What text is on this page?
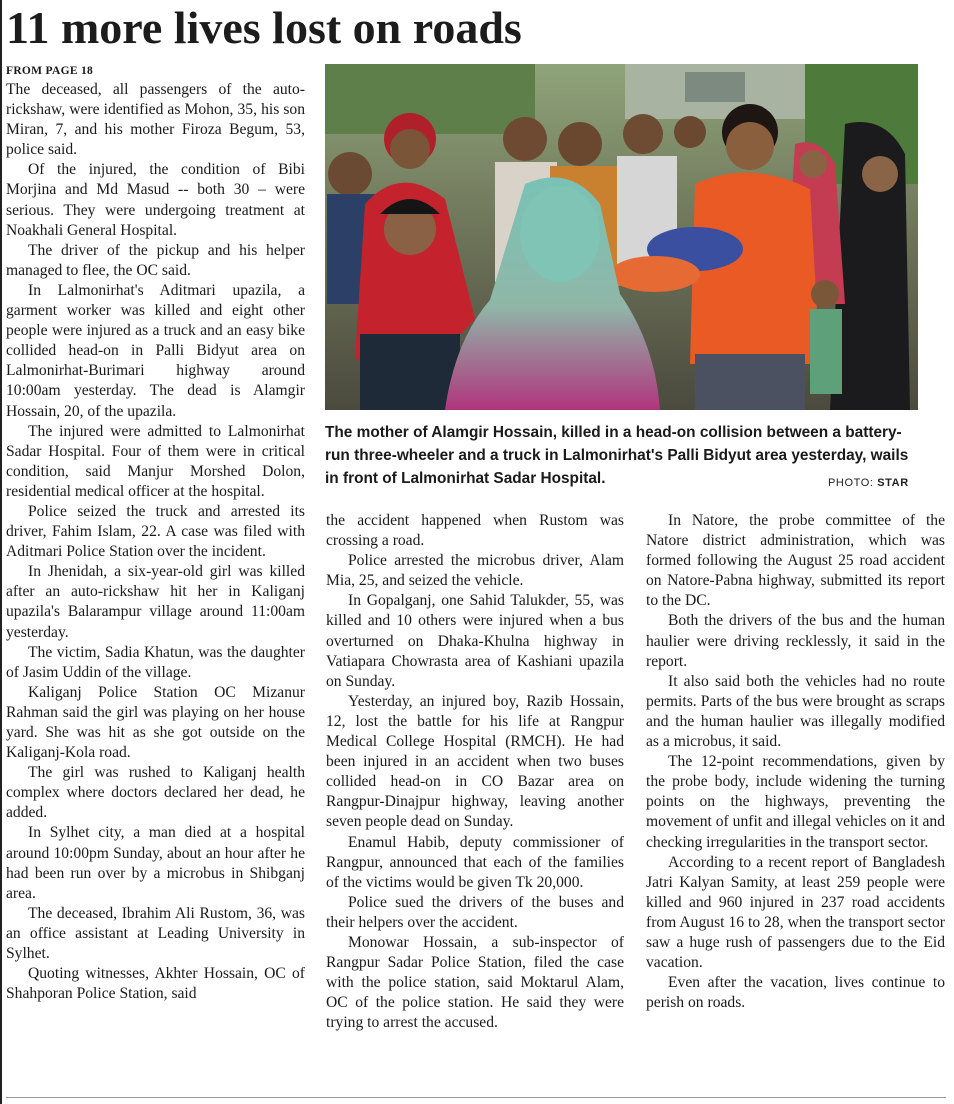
11 more lives lost on roads
FROM PAGE 18

The deceased, all passengers of the auto-rickshaw, were identified as Mohon, 35, his son Miran, 7, and his mother Firoza Begum, 53, police said.

Of the injured, the condition of Bibi Morjina and Md Masud -- both 30 – were serious. They were undergoing treatment at Noakhali General Hospital.

The driver of the pickup and his helper managed to flee, the OC said.

In Lalmonirhat's Aditmari upazila, a garment worker was killed and eight other people were injured as a truck and an easy bike collided head-on in Palli Bidyut area on Lalmonirhat-Burimari highway around 10:00am yesterday. The dead is Alamgir Hossain, 20, of the upazila.

The injured were admitted to Lalmonirhat Sadar Hospital. Four of them were in critical condition, said Manjur Morshed Dolon, residential medical officer at the hospital.

Police seized the truck and arrested its driver, Fahim Islam, 22. A case was filed with Aditmari Police Station over the incident.

In Jhenidah, a six-year-old girl was killed after an auto-rickshaw hit her in Kaliganj upazila's Balarampur village around 11:00am yesterday.

The victim, Sadia Khatun, was the daughter of Jasim Uddin of the village.

Kaliganj Police Station OC Mizanur Rahman said the girl was playing on her house yard. She was hit as she got outside on the Kaliganj-Kola road.

The girl was rushed to Kaliganj health complex where doctors declared her dead, he added.

In Sylhet city, a man died at a hospital around 10:00pm Sunday, about an hour after he had been run over by a microbus in Shibganj area.

The deceased, Ibrahim Ali Rustom, 36, was an office assistant at Leading University in Sylhet.

Quoting witnesses, Akhter Hossain, OC of Shahporan Police Station, said

The mother of Alamgir Hossain, killed in a head-on collision between a battery-run three-wheeler and a truck in Lalmonirhat's Palli Bidyut area yesterday, wails in front of Lalmonirhat Sadar Hospital.	PHOTO: STAR

the accident happened when Rustom was crossing a road.

Police arrested the microbus driver, Alam Mia, 25, and seized the vehicle.

In Gopalganj, one Sahid Talukder, 55, was killed and 10 others were injured when a bus overturned on Dhaka-Khulna highway in Vatiapara Chowrasta area of Kashiani upazila on Sunday.

Yesterday, an injured boy, Razib Hossain, 12, lost the battle for his life at Rangpur Medical College Hospital (RMCH). He had been injured in an accident when two buses collided head-on in CO Bazar area on Rangpur-Dinajpur highway, leaving another seven people dead on Sunday.

Enamul Habib, deputy commissioner of Rangpur, announced that each of the families of the victims would be given Tk 20,000.

Police sued the drivers of the buses and their helpers over the accident.

Monowar Hossain, a sub-inspector of Rangpur Sadar Police Station, filed the case with the police station, said Moktarul Alam, OC of the police station. He said they were trying to arrest the accused.

In Natore, the probe committee of the Natore district administration, which was formed following the August 25 road accident on Natore-Pabna highway, submitted its report to the DC.

Both the drivers of the bus and the human haulier were driving recklessly, it said in the report.

It also said both the vehicles had no route permits. Parts of the bus were brought as scraps and the human haulier was illegally modified as a microbus, it said.

The 12-point recommendations, given by the probe body, include widening the turning points on the highways, preventing the movement of unfit and illegal vehicles on it and checking irregularities in the transport sector.

According to a recent report of Bangladesh Jatri Kalyan Samity, at least 259 people were killed and 960 injured in 237 road accidents from August 16 to 28, when the transport sector saw a huge rush of passengers due to the Eid vacation.

Even after the vacation, lives continue to perish on roads.
